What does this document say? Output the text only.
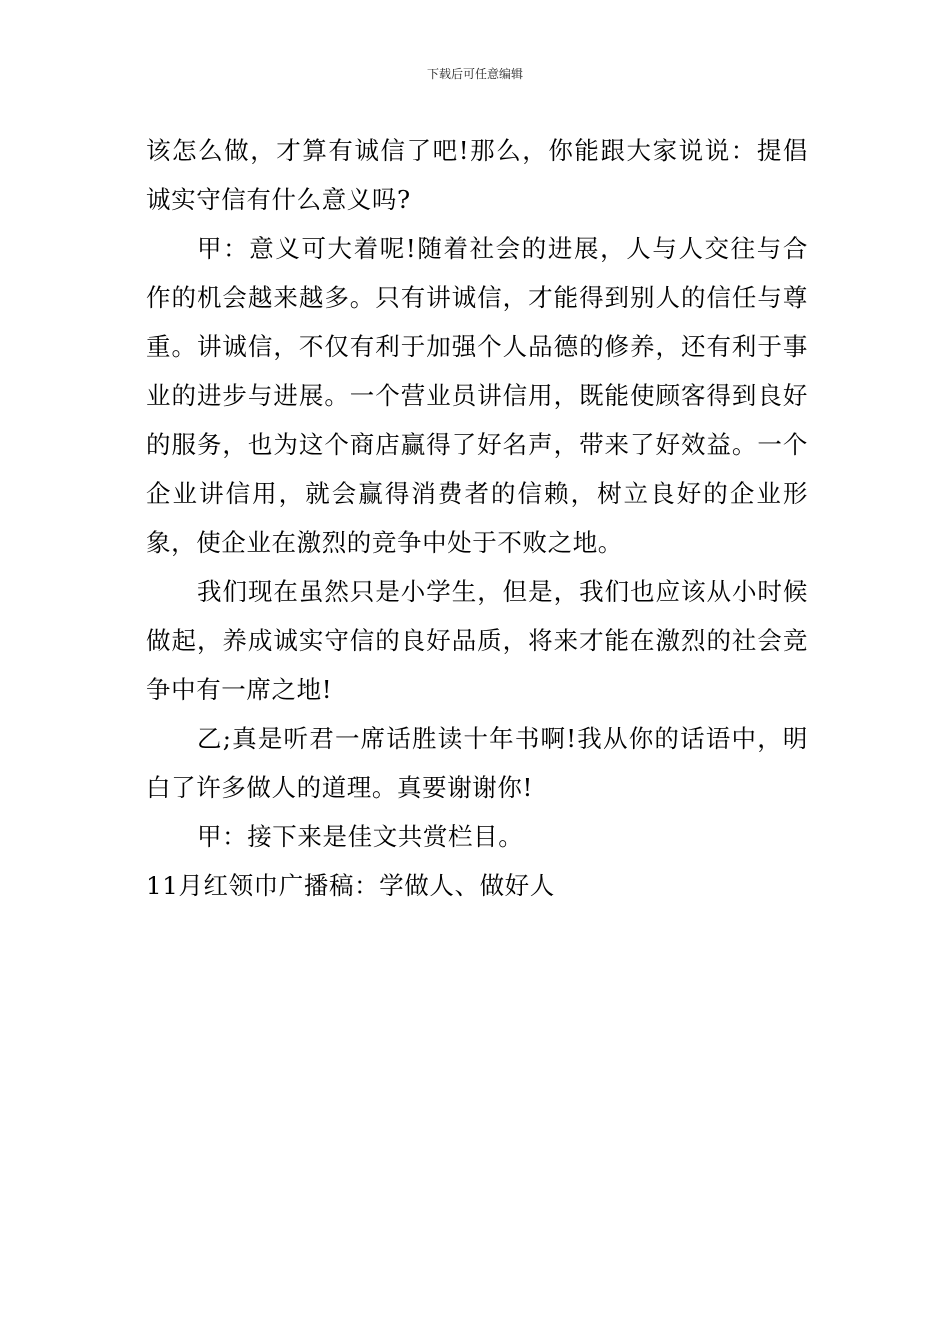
下载后可任意编辑

该怎么做，才算有诚信了吧!那么，你能跟大家说说：提倡诚实守信有什么意义吗?

甲：意义可大着呢!随着社会的进展，人与人交往与合作的机会越来越多。只有讲诚信，才能得到别人的信任与尊重。讲诚信，不仅有利于加强个人品德的修养，还有利于事业的进步与进展。一个营业员讲信用，既能使顾客得到良好的服务，也为这个商店赢得了好名声，带来了好效益。一个企业讲信用，就会赢得消费者的信赖，树立良好的企业形象，使企业在激烈的竞争中处于不败之地。

我们现在虽然只是小学生，但是，我们也应该从小时候做起，养成诚实守信的良好品质，将来才能在激烈的社会竞争中有一席之地!

乙;真是听君一席话胜读十年书啊!我从你的话语中，明白了许多做人的道理。真要谢谢你!

甲：接下来是佳文共赏栏目。

11月红领巾广播稿：学做人、做好人
